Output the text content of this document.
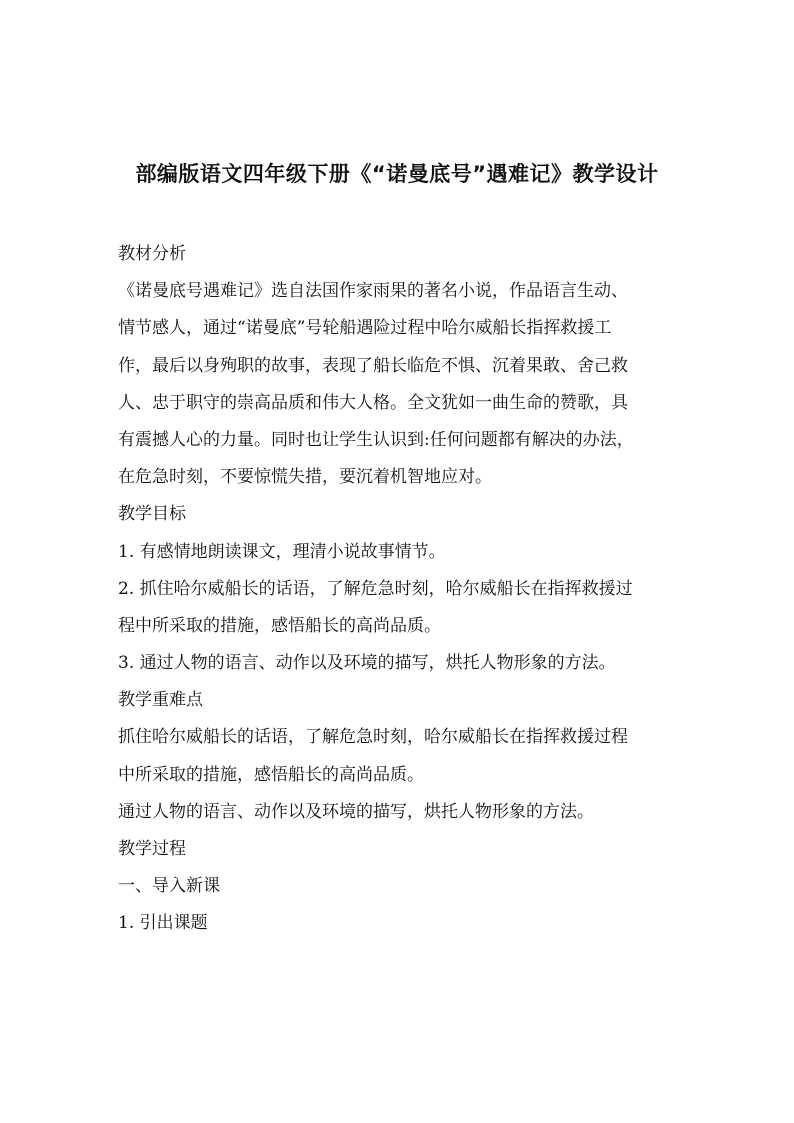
部编版语文四年级下册《“诺曼底号”遇难记》教学设计
教材分析
《诺曼底号遇难记》选自法国作家雨果的著名小说，作品语言生动、
情节感人，通过“诺曼底”号轮船遇险过程中哈尔威船长指挥救援工
作，最后以身殉职的故事，表现了船长临危不惧、沉着果敢、舍己救
人、忠于职守的崇高品质和伟大人格。全文犹如一曲生命的赞歌，具
有震撼人心的力量。同时也让学生认识到:任何问题都有解决的办法，
在危急时刻，不要惊慌失措，要沉着机智地应对。
教学目标
1. 有感情地朗读课文，理清小说故事情节。
2. 抓住哈尔威船长的话语，了解危急时刻，哈尔威船长在指挥救援过
程中所采取的措施，感悟船长的高尚品质。
3. 通过人物的语言、动作以及环境的描写，烘托人物形象的方法。
教学重难点
抓住哈尔威船长的话语，了解危急时刻，哈尔威船长在指挥救援过程
中所采取的措施，感悟船长的高尚品质。
通过人物的语言、动作以及环境的描写，烘托人物形象的方法。
教学过程
一、导入新课
1. 引出课题
